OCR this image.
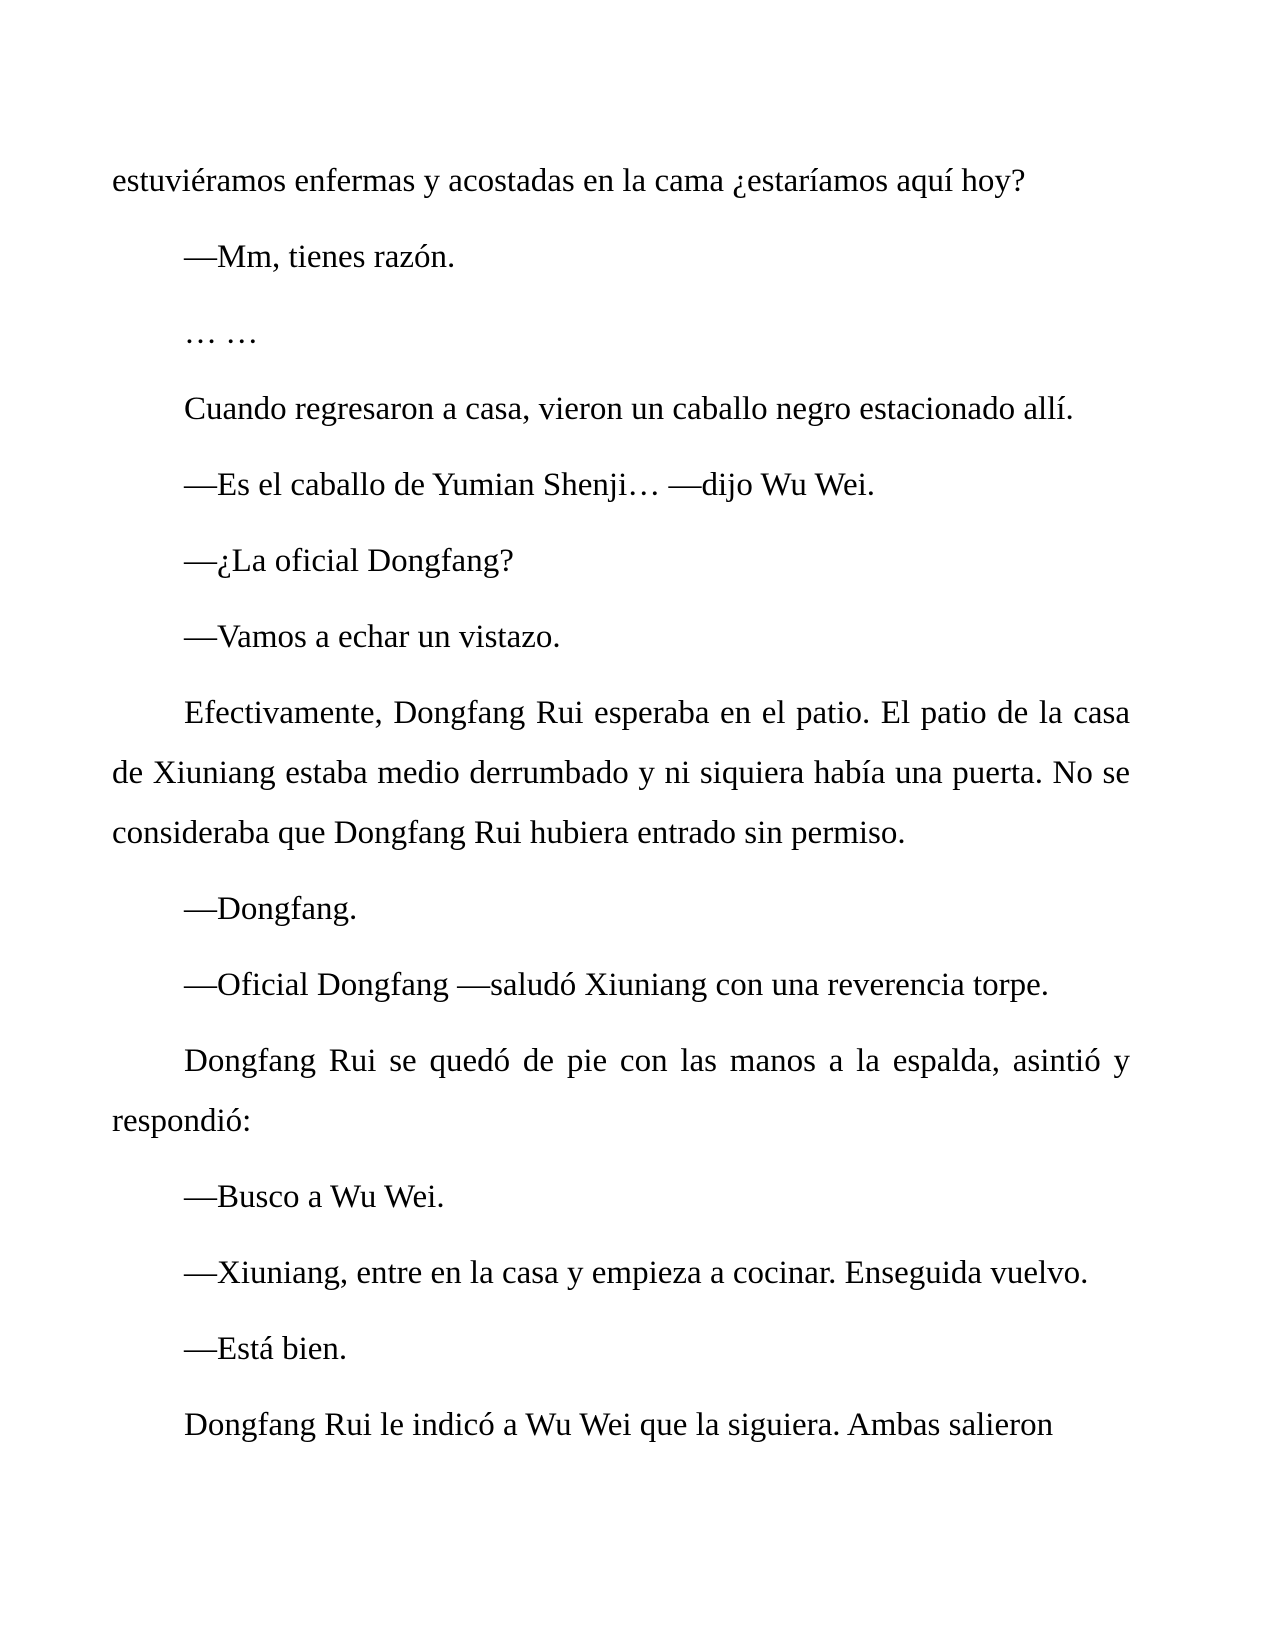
estuviéramos enfermas y acostadas en la cama ¿estaríamos aquí hoy?

—Mm, tienes razón.

… …

Cuando regresaron a casa, vieron un caballo negro estacionado allí.

—Es el caballo de Yumian Shenji… —dijo Wu Wei.

—¿La oficial Dongfang?

—Vamos a echar un vistazo.

Efectivamente, Dongfang Rui esperaba en el patio. El patio de la casa de Xiuniang estaba medio derrumbado y ni siquiera había una puerta. No se consideraba que Dongfang Rui hubiera entrado sin permiso.

—Dongfang.

—Oficial Dongfang —saludó Xiuniang con una reverencia torpe.

Dongfang Rui se quedó de pie con las manos a la espalda, asintió y respondió:

—Busco a Wu Wei.

—Xiuniang, entre en la casa y empieza a cocinar. Enseguida vuelvo.

—Está bien.

Dongfang Rui le indicó a Wu Wei que la siguiera. Ambas salieron
